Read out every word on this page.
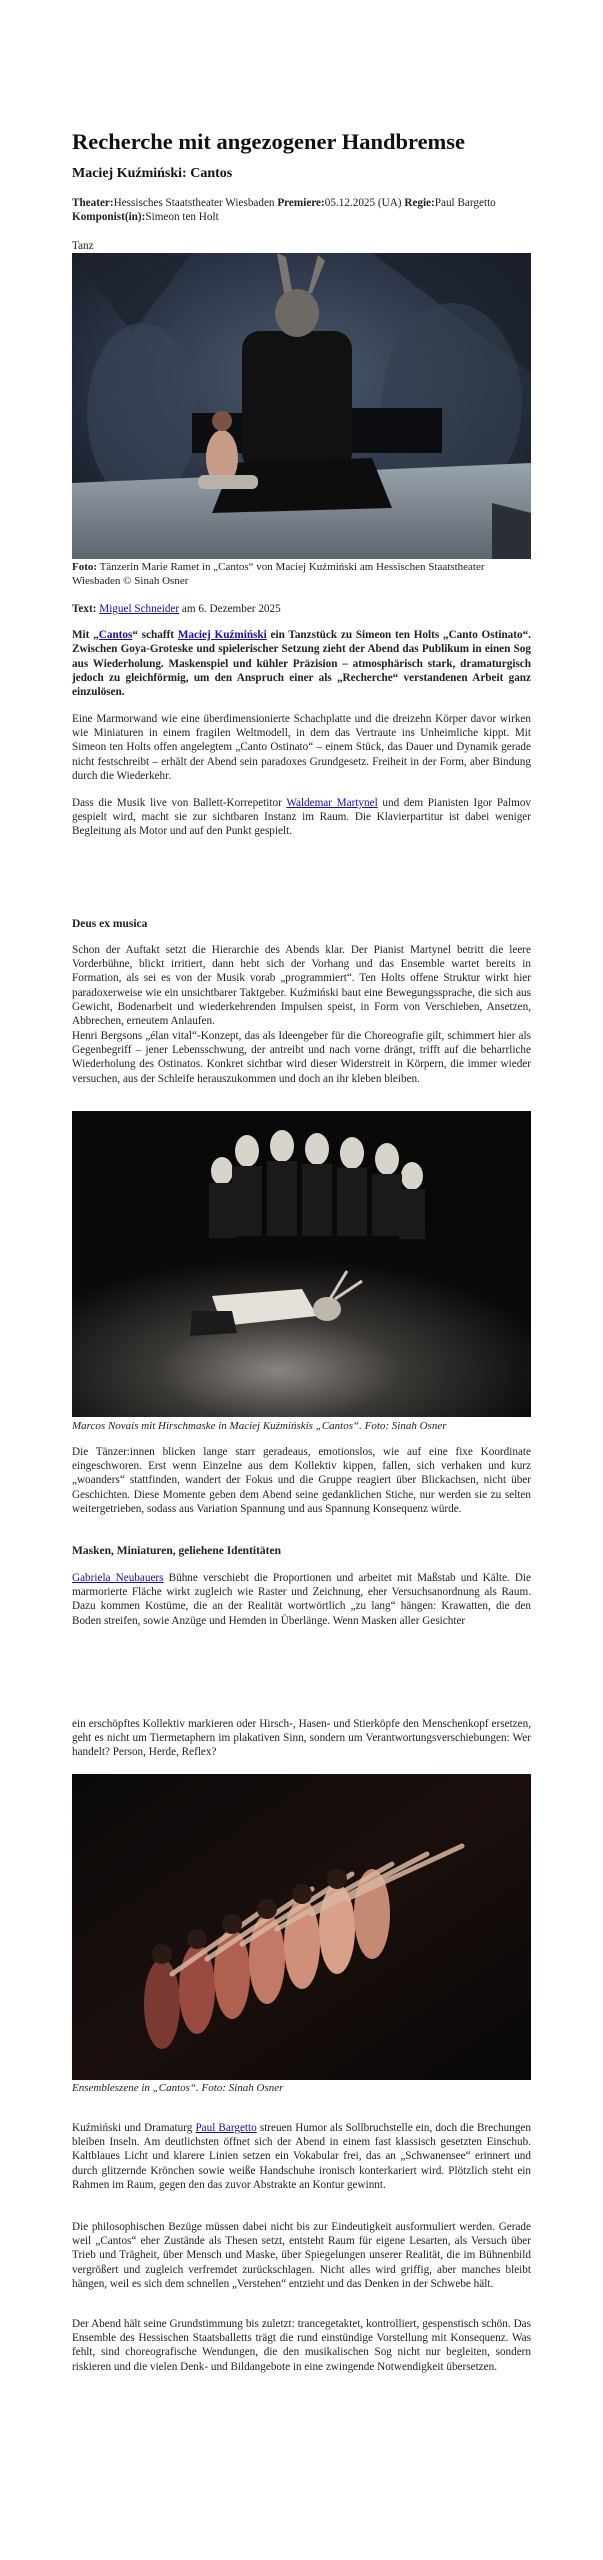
Recherche mit angezogener Handbremse
Maciej Kuźmiński: Cantos
Theater:Hessisches Staatstheater Wiesbaden Premiere:05.12.2025 (UA) Regie:Paul Bargetto Komponist(in):Simeon ten Holt
Tanz
Foto: Tänzerin Marie Ramet in „Cantos“ von Maciej Kuźmiński am Hessischen Staatstheater Wiesbaden © Sinah Osner
Text: Miguel Schneider am 6. Dezember 2025

Mit „Cantos“ schafft Maciej Kuźmiński ein Tanzstück zu Simeon ten Holts „Canto Ostinato“. Zwischen Goya-Groteske und spielerischer Setzung zieht der Abend das Publikum in einen Sog aus Wiederholung. Maskenspiel und kühler Präzision – atmosphärisch stark, dramaturgisch jedoch zu gleichförmig, um den Anspruch einer als „Recherche“ verstandenen Arbeit ganz einzulösen.

Eine Marmorwand wie eine überdimensionierte Schachplatte und die dreizehn Körper davor wirken wie Miniaturen in einem fragilen Weltmodell, in dem das Vertraute ins Unheimliche kippt. Mit Simeon ten Holts offen angelegtem „Canto Ostinato“ – einem Stück, das Dauer und Dynamik gerade nicht festschreibt – erhält der Abend sein paradoxes Grundgesetz. Freiheit in der Form, aber Bindung durch die Wiederkehr.

Dass die Musik live von Ballett-Korrepetitor Waldemar Martynel und dem Pianisten Igor Palmov gespielt wird, macht sie zur sichtbaren Instanz im Raum. Die Klavierpartitur ist dabei weniger Begleitung als Motor und auf den Punkt gespielt.

Deus ex musica

Schon der Auftakt setzt die Hierarchie des Abends klar. Der Pianist Martynel betritt die leere Vorderbühne, blickt irritiert, dann hebt sich der Vorhang und das Ensemble wartet bereits in Formation, als sei es von der Musik vorab „programmiert“. Ten Holts offene Struktur wirkt hier paradoxerweise wie ein unsichtbarer Taktgeber. Kuźmiński baut eine Bewegungssprache, die sich aus Gewicht, Bodenarbeit und wiederkehrenden Impulsen speist, in Form von Verschieben, Ansetzen, Abbrechen, erneutem Anlaufen.

Henri Bergsons „élan vital“-Konzept, das als Ideengeber für die Choreografie gilt, schimmert hier als Gegenbegriff – jener Lebensschwung, der antreibt und nach vorne drängt, trifft auf die beharrliche Wiederholung des Ostinatos. Konkret sichtbar wird dieser Widerstreit in Körpern, die immer wieder versuchen, aus der Schleife herauszukommen und doch an ihr kleben bleiben.

Marcos Novais mit Hirschmaske in Maciej Kuźmińskis „Cantos“. Foto: Sinah Osner

Die Tänzer:innen blicken lange starr geradeaus, emotionslos, wie auf eine fixe Koordinate eingeschworen. Erst wenn Einzelne aus dem Kollektiv kippen, fallen, sich verhaken und kurz „woanders“ stattfinden, wandert der Fokus und die Gruppe reagiert über Blickachsen, nicht über Geschichten. Diese Momente geben dem Abend seine gedanklichen Stiche, nur werden sie zu selten weitergetrieben, sodass aus Variation Spannung und aus Spannung Konsequenz würde.

Masken, Miniaturen, geliehene Identitäten

Gabriela Neubauers Bühne verschiebt die Proportionen und arbeitet mit Maßstab und Kälte. Die marmorierte Fläche wirkt zugleich wie Raster und Zeichnung, eher Versuchsanordnung als Raum. Dazu kommen Kostüme, die an der Realität wortwörtlich „zu lang“ hängen: Krawatten, die den Boden streifen, sowie Anzüge und Hemden in Überlänge. Wenn Masken aller Gesichter

ein erschöpftes Kollektiv markieren oder Hirsch-, Hasen- und Stierköpfe den Menschenkopf ersetzen, geht es nicht um Tiermetaphern im plakativen Sinn, sondern um Verantwortungsverschiebungen: Wer handelt? Person, Herde, Reflex?

Ensembleszene in „Cantos“. Foto: Sinah Osner

Kuźmiński und Dramaturg Paul Bargetto streuen Humor als Sollbruchstelle ein, doch die Brechungen bleiben Inseln. Am deutlichsten öffnet sich der Abend in einem fast klassisch gesetzten Einschub. Kaltblaues Licht und klarere Linien setzen ein Vokabular frei, das an „Schwanensee“ erinnert und durch glitzernde Krönchen sowie weiße Handschuhe ironisch konterkariert wird. Plötzlich steht ein Rahmen im Raum, gegen den das zuvor Abstrakte an Kontur gewinnt.

Die philosophischen Bezüge müssen dabei nicht bis zur Eindeutigkeit ausformuliert werden. Gerade weil „Cantos“ eher Zustände als Thesen setzt, entsteht Raum für eigene Lesarten, als Versuch über Trieb und Trägheit, über Mensch und Maske, über Spiegelungen unserer Realität, die im Bühnenbild vergrößert und zugleich verfremdet zurückschlagen. Nicht alles wird griffig, aber manches bleibt hängen, weil es sich dem schnellen „Verstehen“ entzieht und das Denken in der Schwebe hält.

Der Abend hält seine Grundstimmung bis zuletzt: trancegetaktet, kontrolliert, gespenstisch schön. Das Ensemble des Hessischen Staatsballetts trägt die rund einstündige Vorstellung mit Konsequenz. Was fehlt, sind choreografische Wendungen, die den musikalischen Sog nicht nur begleiten, sondern riskieren und die vielen Denk- und Bildangebote in eine zwingende Notwendigkeit übersetzen.
